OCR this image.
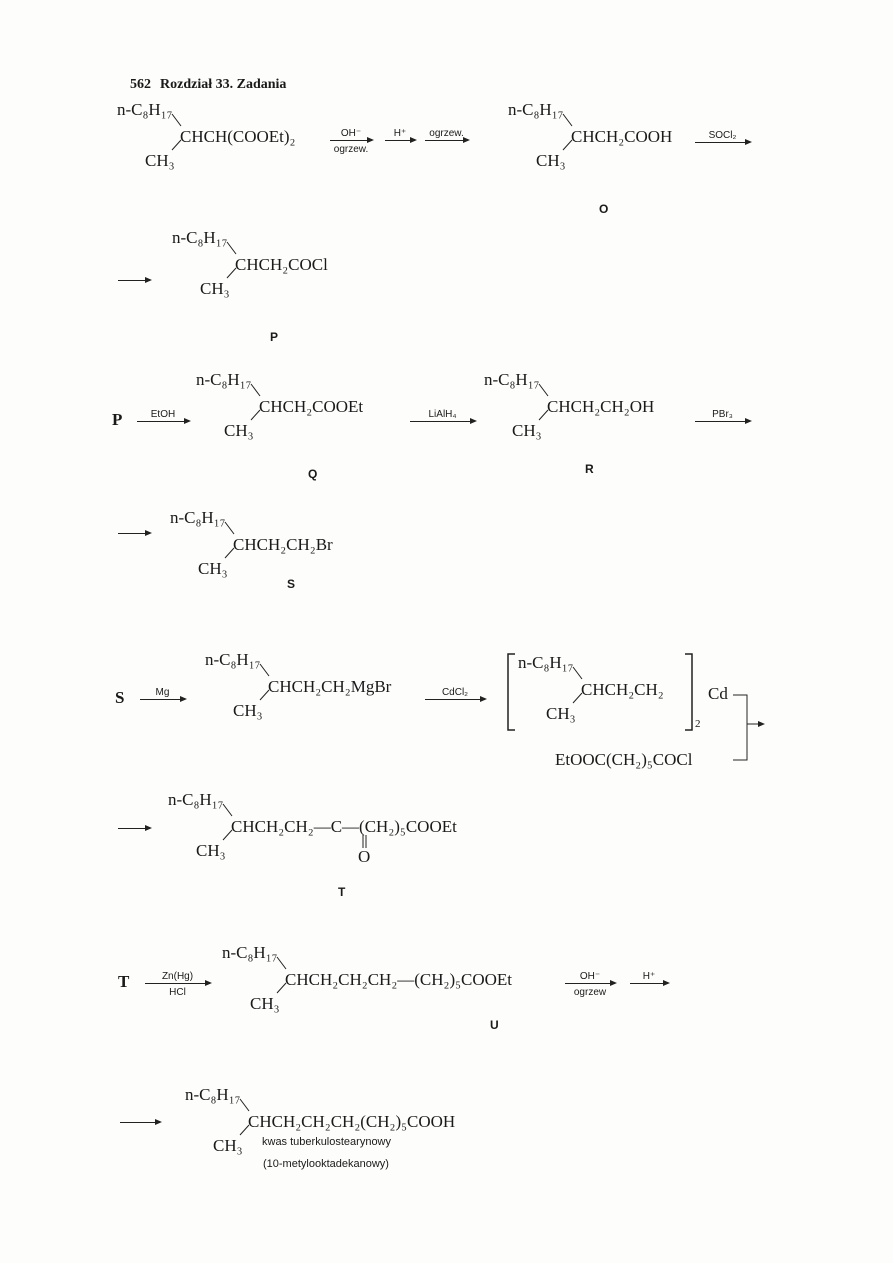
562 Rozdział 33. Zadania
n-C₈H₁₇
CHCH(COOEt)₂
CH₃
OH⁻
ogrzew.
H⁺	ogrzew.
n-C₈H₁₇
CHCH₂COOH
CH₃
O
SOCl₂
n-C₈H₁₇
CHCH₂COCl
CH₃
P
P	EtOH
n-C₈H₁₇
CHCH₂COOEt
CH₃
Q
LiAlH₄
n-C₈H₁₇
CHCH₂CH₂OH
CH₃
R
PBr₃
n-C₈H₁₇
CHCH₂CH₂Br
CH₃
S
S	Mg
n-C₈H₁₇
CHCH₂CH₂MgBr
CH₃
CdCl₂
n-C₈H₁₇
CHCH₂CH₂
CH₃
2
Cd
EtOOC(CH₂)₅COCl
n-C₈H₁₇
CHCH₂CH₂—C—(CH₂)₅COOEt
CH₃	O
T
T	Zn(Hg)
HCl
n-C₈H₁₇
CHCH₂CH₂CH₂—(CH₂)₅COOEt
CH₃
U
OH⁻
ogrzew
H⁺
n-C₈H₁₇
CHCH₂CH₂CH₂(CH₂)₅COOH
CH₃ kwas tuberkulostearynowy
(10-metylooktadekanowy)
